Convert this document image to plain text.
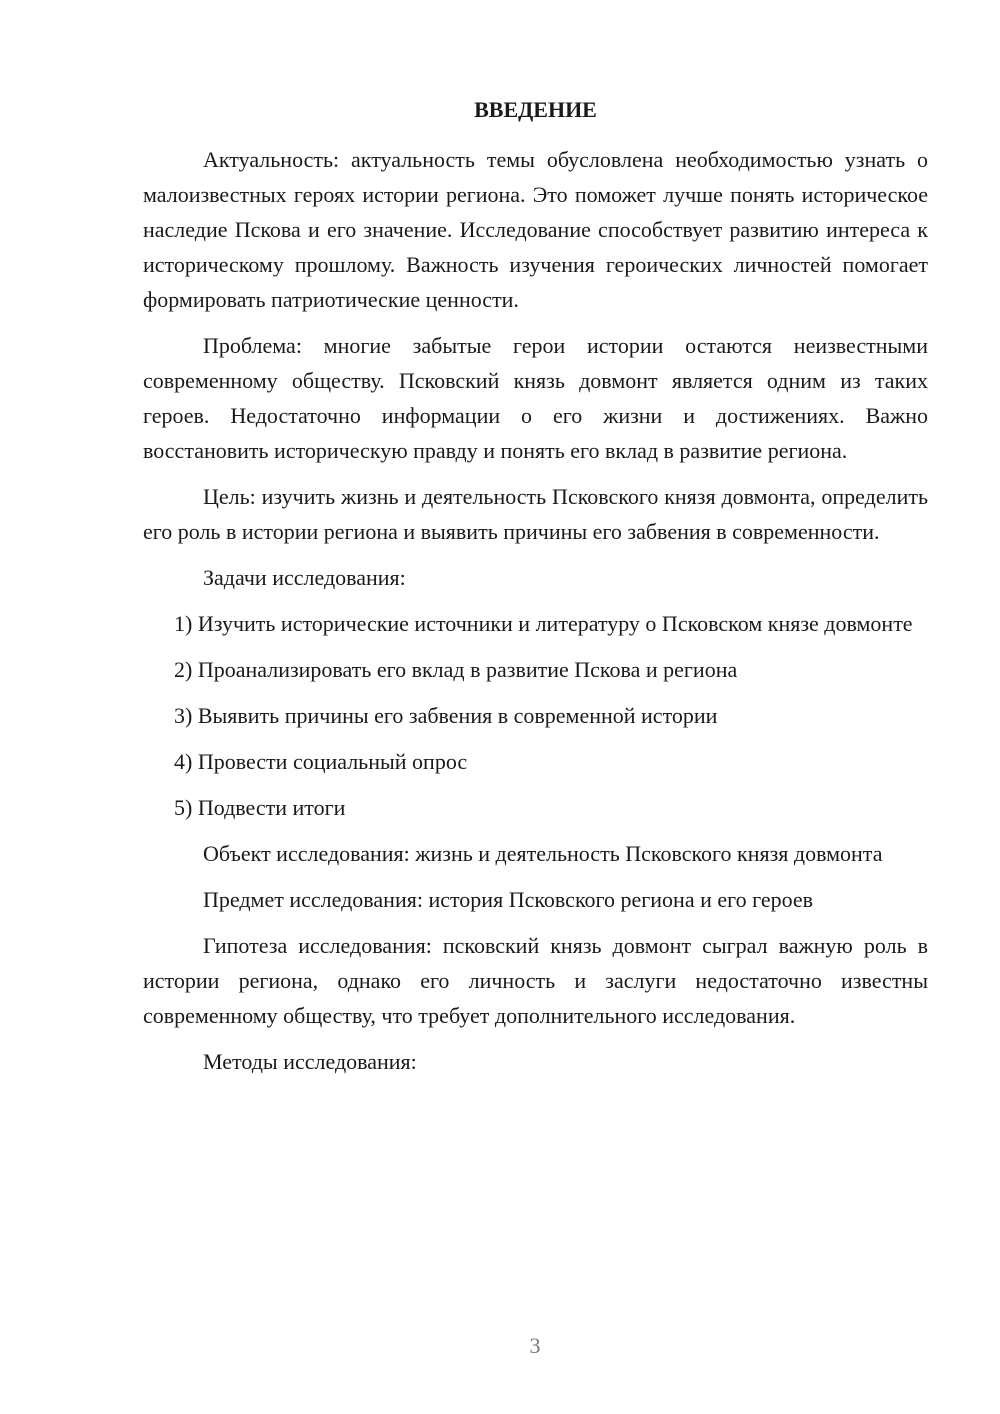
ВВЕДЕНИЕ

Актуальность: актуальность темы обусловлена необходимостью узнать о малоизвестных героях истории региона. Это поможет лучше понять историческое наследие Пскова и его значение. Исследование способствует развитию интереса к историческому прошлому. Важность изучения героических личностей помогает формировать патриотические ценности.

Проблема: многие забытые герои истории остаются неизвестными современному обществу. Псковский князь довмонт является одним из таких героев. Недостаточно информации о его жизни и достижениях. Важно восстановить историческую правду и понять его вклад в развитие региона.

Цель: изучить жизнь и деятельность Псковского князя довмонта, определить его роль в истории региона и выявить причины его забвения в современности.

Задачи исследования:

1) Изучить исторические источники и литературу о Псковском князе довмонте

2) Проанализировать его вклад в развитие Пскова и региона

3) Выявить причины его забвения в современной истории

4) Провести социальный опрос

5) Подвести итоги

Объект исследования: жизнь и деятельность Псковского князя довмонта

Предмет исследования: история Псковского региона и его героев

Гипотеза исследования: псковский князь довмонт сыграл важную роль в истории региона, однако его личность и заслуги недостаточно известны современному обществу, что требует дополнительного исследования.

Методы исследования:

3
